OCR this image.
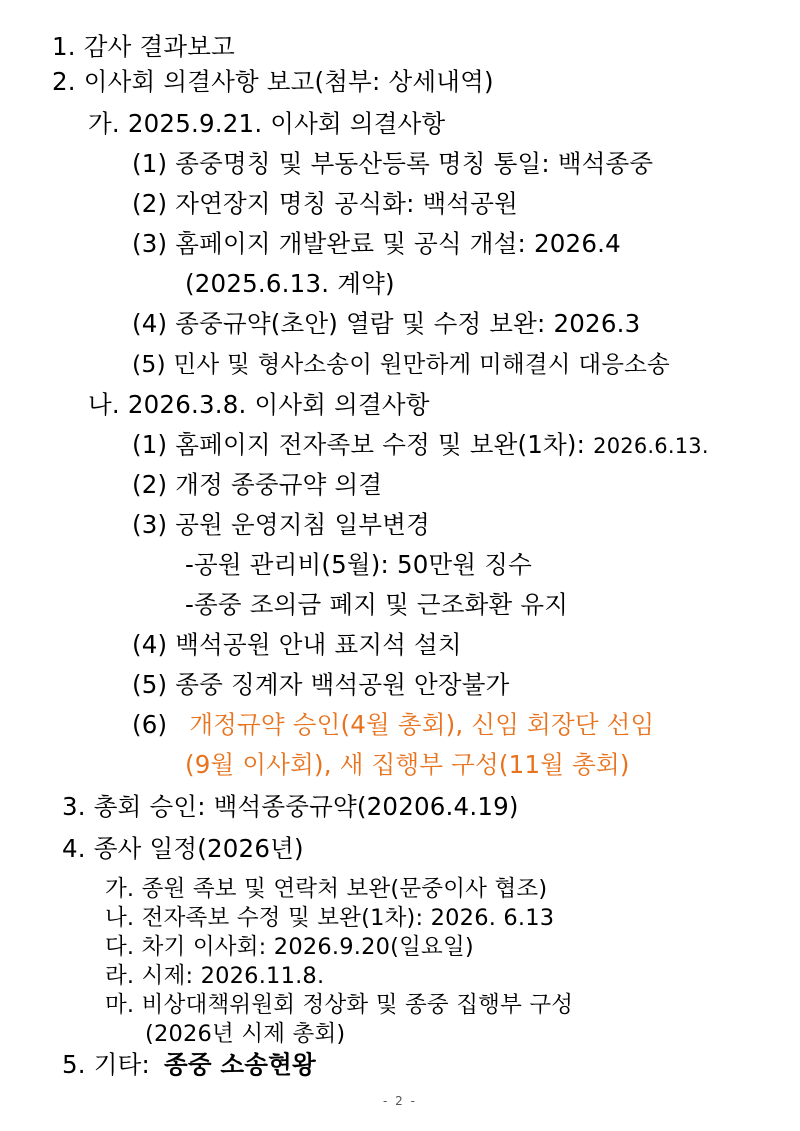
1. 감사 결과보고
2. 이사회 의결사항 보고(첨부: 상세내역)
가. 2025.9.21. 이사회 의결사항
(1) 종중명칭 및 부동산등록 명칭 통일: 백석종중
(2) 자연장지 명칭 공식화: 백석공원
(3) 홈페이지 개발완료 및 공식 개설: 2026.4
(2025.6.13. 계약)
(4) 종중규약(초안) 열람 및 수정 보완: 2026.3
(5) 민사 및 형사소송이 원만하게 미해결시 대응소송
나. 2026.3.8. 이사회 의결사항
(1) 홈페이지 전자족보 수정 및 보완(1차): 2026.6.13.
(2) 개정 종중규약 의결
(3) 공원 운영지침 일부변경
-공원 관리비(5월): 50만원 징수
-종중 조의금 폐지 및 근조화환 유지
(4) 백석공원 안내 표지석 설치
(5) 종중 징계자 백석공원 안장불가
(6) 개정규약 승인(4월 총회), 신임 회장단 선임
(9월 이사회), 새 집행부 구성(11월 총회)
3. 총회 승인: 백석종중규약(20206.4.19)
4. 종사 일정(2026년)
가. 종원 족보 및 연락처 보완(문중이사 협조)
나. 전자족보 수정 및 보완(1차): 2026. 6.13
다. 차기 이사회: 2026.9.20(일요일)
라. 시제: 2026.11.8.
마. 비상대책위원회 정상화 및 종중 집행부 구성
(2026년 시제 총회)
5. 기타: 종중 소송현왕
- 2 -
